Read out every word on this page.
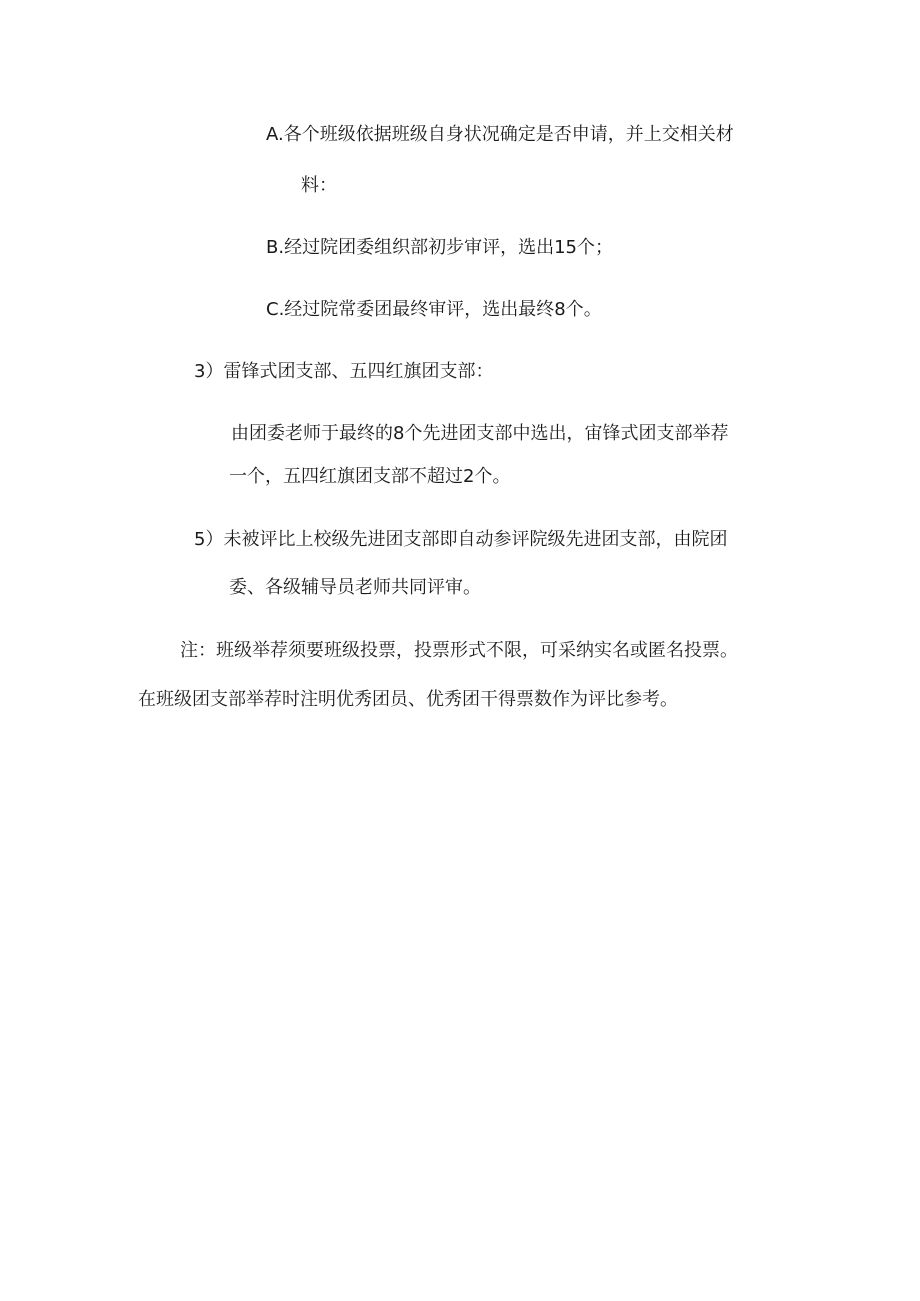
A.各个班级依据班级自身状况确定是否申请，并上交相关材
料：
B.经过院团委组织部初步审评，选出15个；
C.经过院常委团最终审评，选出最终8个。
3）雷锋式团支部、五四红旗团支部：
由团委老师于最终的8个先进团支部中选出，宙锋式团支部举荐
一个，五四红旗团支部不超过2个。
5）未被评比上校级先进团支部即自动参评院级先进团支部，由院团
委、各级辅导员老师共同评审。
注：班级举荐须要班级投票，投票形式不限，可采纳实名或匿名投票。
在班级团支部举荐时注明优秀团员、优秀团干得票数作为评比参考。
